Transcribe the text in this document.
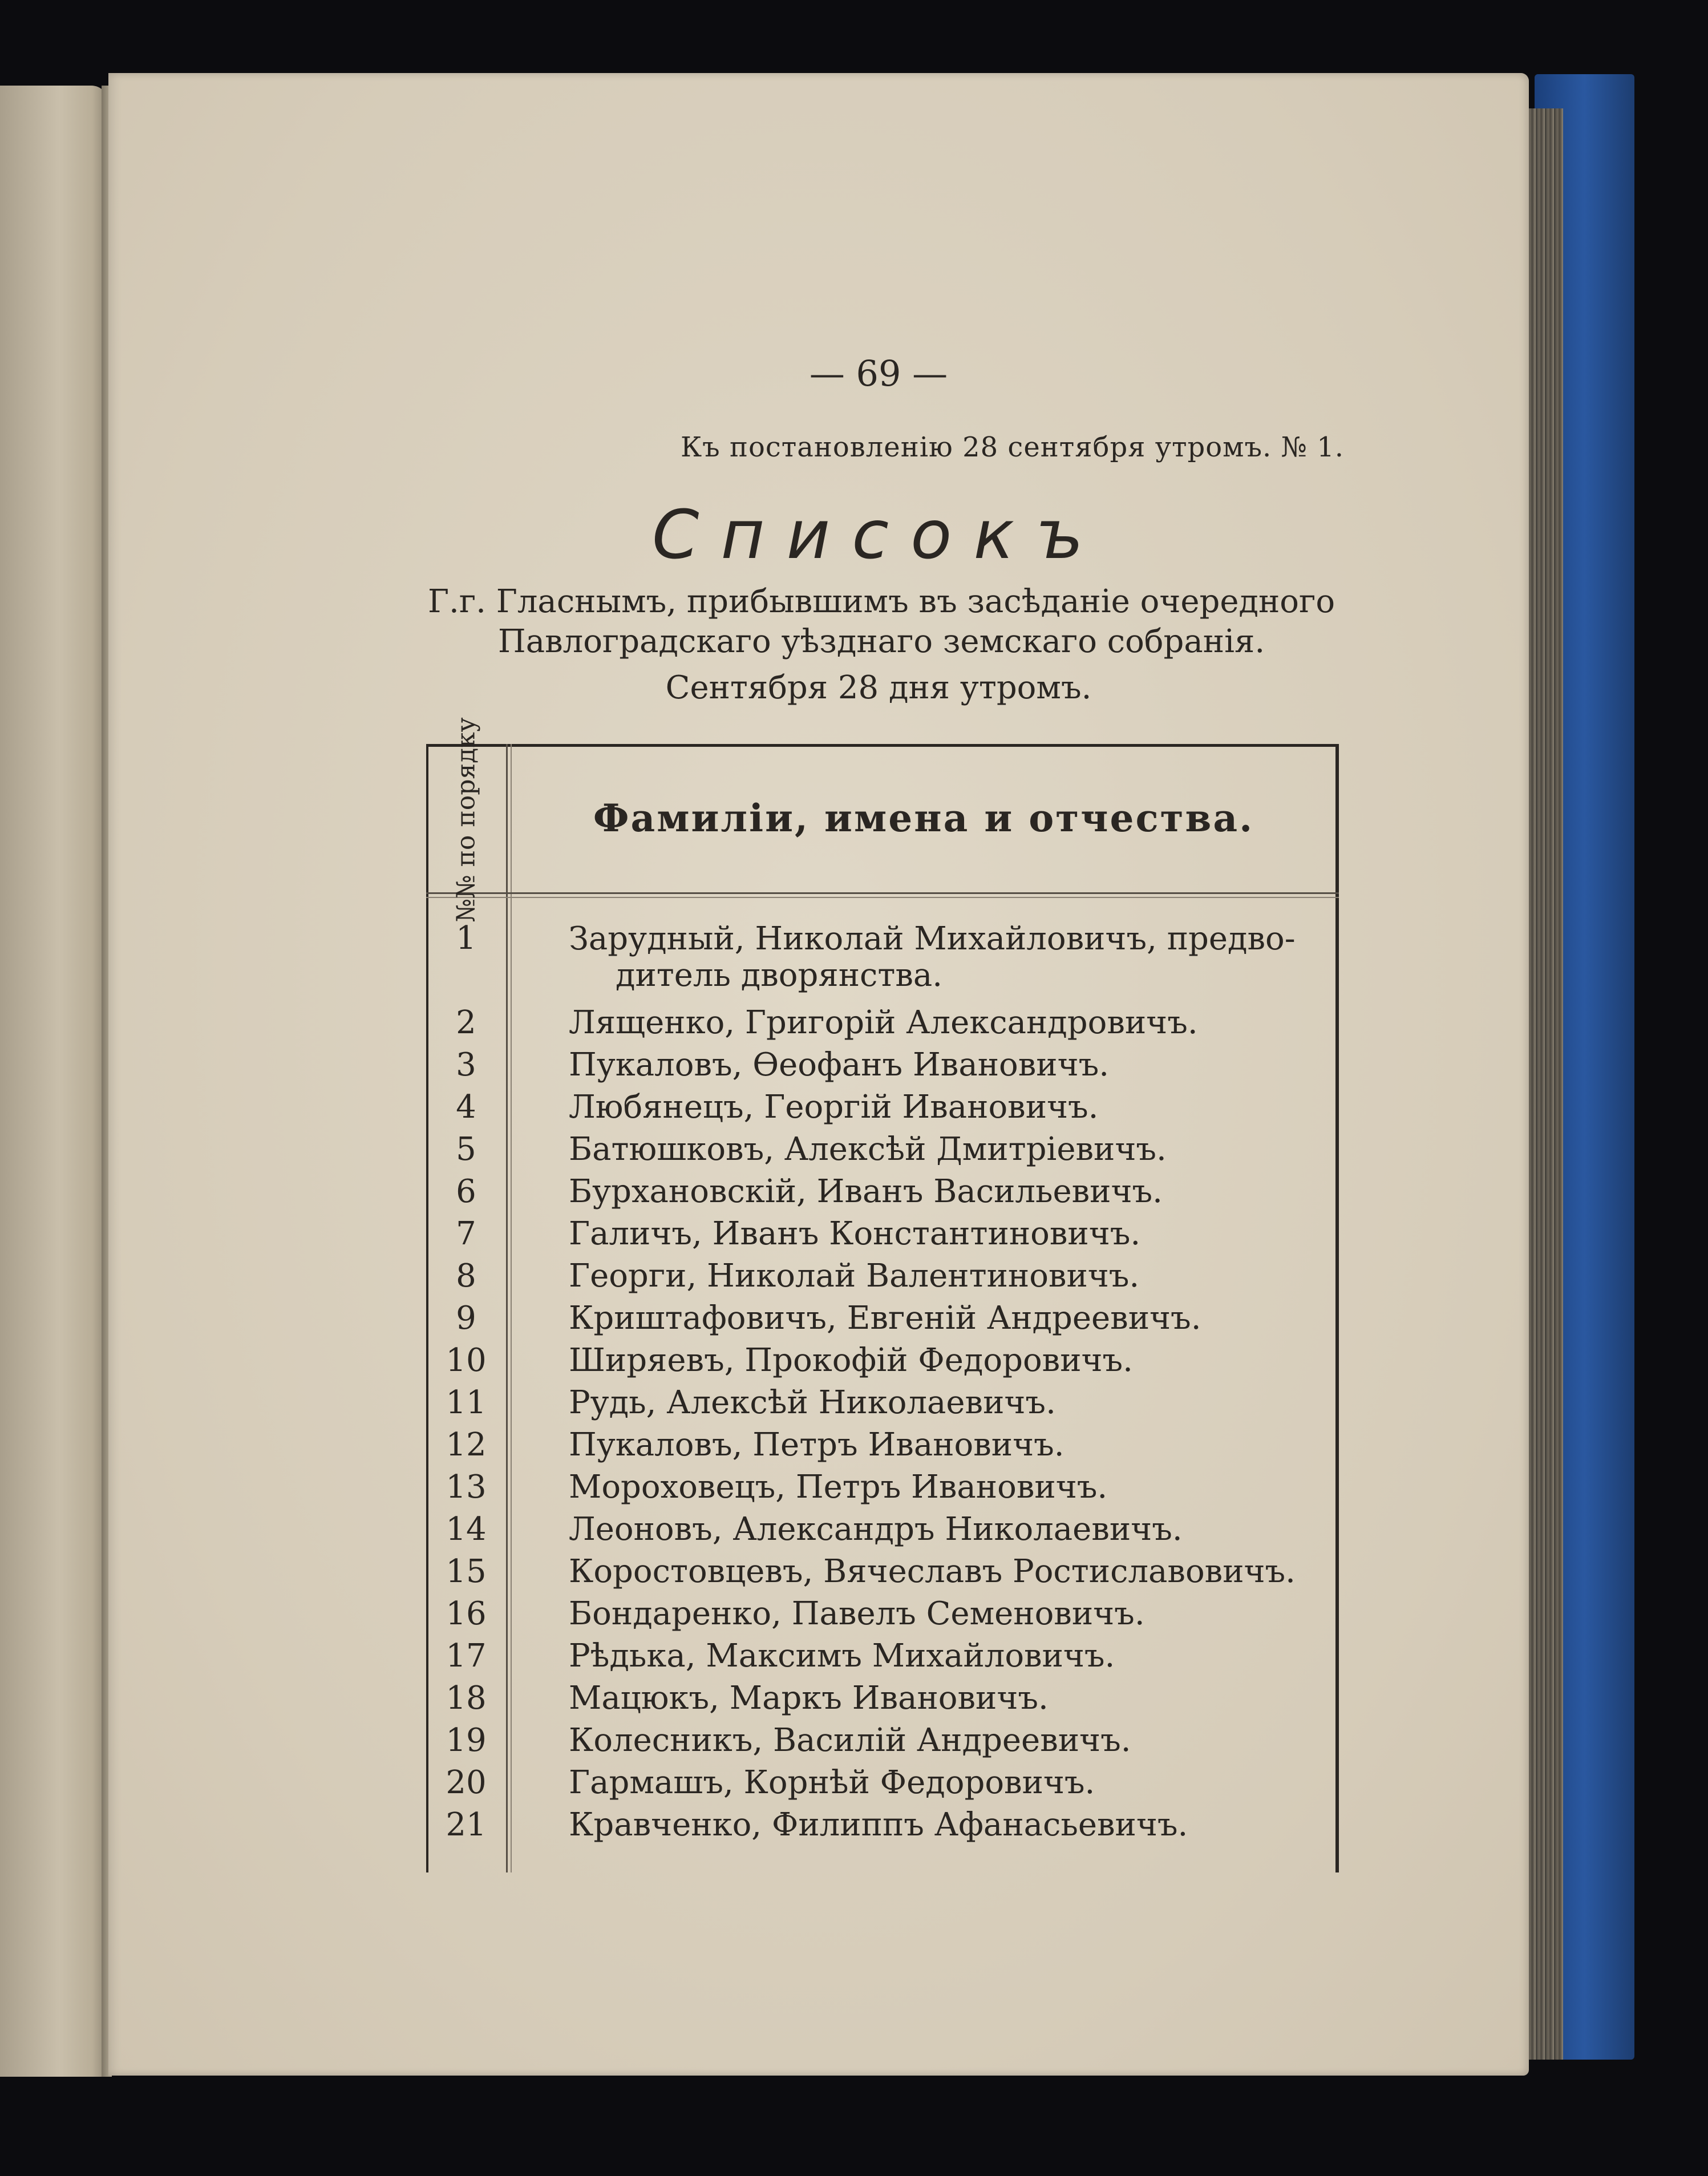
— 69 —
Къ постановленію 28 сентября утромъ. № 1.
Списокъ
Г.г. Гласнымъ, прибывшимъ въ засѣданіе очередного
Павлоградскаго уѣзднаго земскаго собранія.
Сентября 28 дня утромъ.
№№ по порядку	Фамиліи, имена и отчества.
1	Зарудный, Николай Михайловичъ, предво-
дитель дворянства.
2	Лященко, Григорій Александровичъ.
3	Пукаловъ, Ѳеофанъ Ивановичъ.
4	Любянецъ, Георгій Ивановичъ.
5	Батюшковъ, Алексѣй Дмитріевичъ.
6	Бурхановскій, Иванъ Васильевичъ.
7	Галичъ, Иванъ Константиновичъ.
8	Георги, Николай Валентиновичъ.
9	Криштафовичъ, Евгеній Андреевичъ.
10	Ширяевъ, Прокофій Федоровичъ.
11	Рудь, Алексѣй Николаевичъ.
12	Пукаловъ, Петръ Ивановичъ.
13	Мороховецъ, Петръ Ивановичъ.
14	Леоновъ, Александръ Николаевичъ.
15	Коростовцевъ, Вячеславъ Ростиславовичъ.
16	Бондаренко, Павелъ Семеновичъ.
17	Рѣдька, Максимъ Михайловичъ.
18	Мацюкъ, Маркъ Ивановичъ.
19	Колесникъ, Василій Андреевичъ.
20	Гармашъ, Корнѣй Федоровичъ.
21	Кравченко, Филиппъ Афанасьевичъ.
